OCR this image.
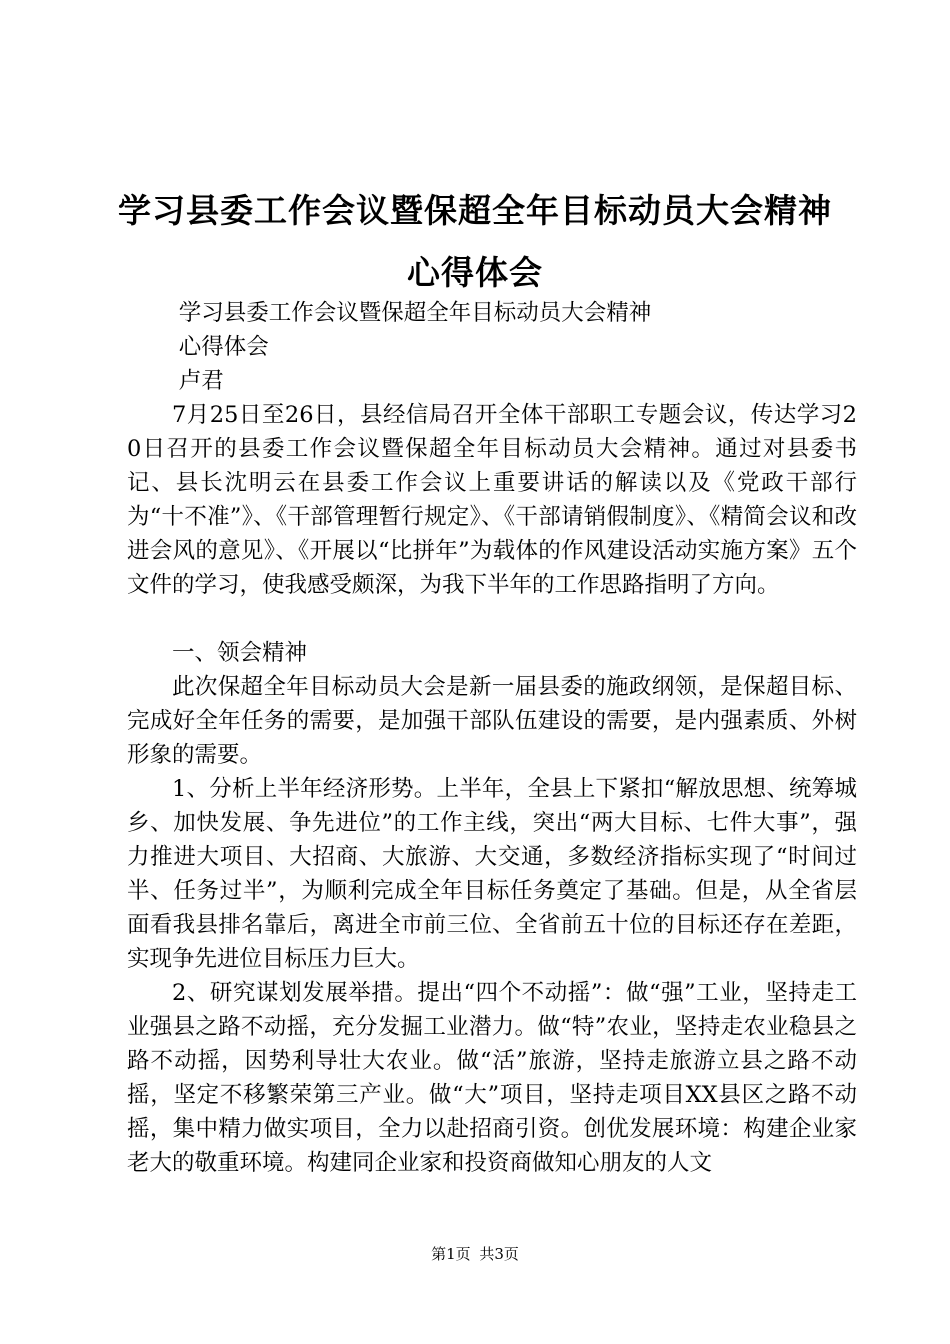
学习县委工作会议暨保超全年目标动员大会精神心得体会

学习县委工作会议暨保超全年目标动员大会精神

心得体会

卢君

7月25日至26日，县经信局召开全体干部职工专题会议，传达学习20日召开的县委工作会议暨保超全年目标动员大会精神。通过对县委书记、县长沈明云在县委工作会议上重要讲话的解读以及《党政干部行为“十不准”》、《干部管理暂行规定》、《干部请销假制度》、《精简会议和改进会风的意见》、《开展以“比拼年”为载体的作风建设活动实施方案》五个文件的学习，使我感受颇深，为我下半年的工作思路指明了方向。

一、领会精神

此次保超全年目标动员大会是新一届县委的施政纲领，是保超目标、完成好全年任务的需要，是加强干部队伍建设的需要，是内强素质、外树形象的需要。

1、分析上半年经济形势。上半年，全县上下紧扣“解放思想、统筹城乡、加快发展、争先进位”的工作主线，突出“两大目标、七件大事”，强力推进大项目、大招商、大旅游、大交通，多数经济指标实现了“时间过半、任务过半”，为顺利完成全年目标任务奠定了基础。但是，从全省层面看我县排名靠后，离进全市前三位、全省前五十位的目标还存在差距，实现争先进位目标压力巨大。

2、研究谋划发展举措。提出“四个不动摇”：做“强”工业，坚持走工业强县之路不动摇，充分发掘工业潜力。做“特”农业，坚持走农业稳县之路不动摇，因势利导壮大农业。做“活”旅游，坚持走旅游立县之路不动摇，坚定不移繁荣第三产业。做“大”项目，坚持走项目XX县区之路不动摇，集中精力做实项目，全力以赴招商引资。创优发展环境：构建企业家老大的敬重环境。构建同企业家和投资商做知心朋友的人文

第1页 共3页
